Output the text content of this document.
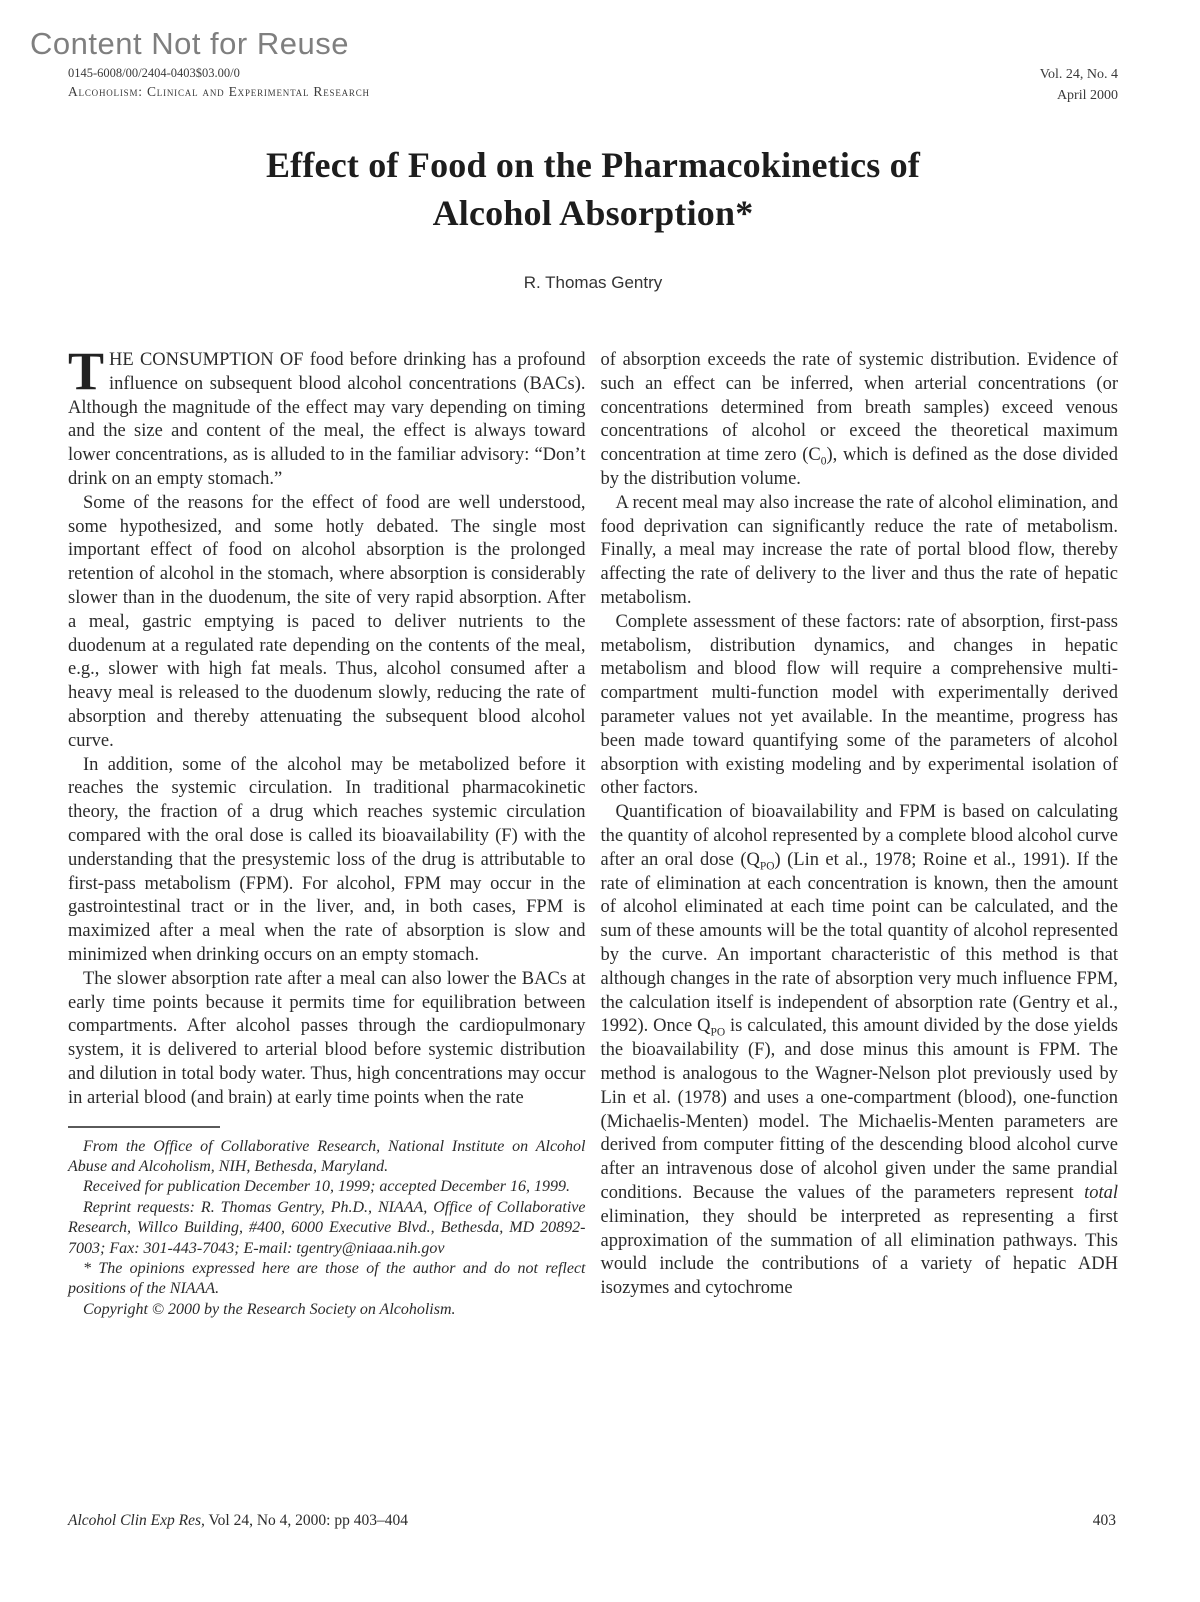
Content Not for Reuse
0145-6008/00/2404-0403$03.00/0
Alcoholism: Clinical and Experimental Research
Vol. 24, No. 4
April 2000
Effect of Food on the Pharmacokinetics of
Alcohol Absorption*
R. Thomas Gentry

THE CONSUMPTION OF food before drinking has a profound influence on subsequent blood alcohol concentrations (BACs). Although the magnitude of the effect may vary depending on timing and the size and content of the meal, the effect is always toward lower concentrations, as is alluded to in the familiar advisory: “Don’t drink on an empty stomach.”

Some of the reasons for the effect of food are well understood, some hypothesized, and some hotly debated. The single most important effect of food on alcohol absorption is the prolonged retention of alcohol in the stomach, where absorption is considerably slower than in the duodenum, the site of very rapid absorption. After a meal, gastric emptying is paced to deliver nutrients to the duodenum at a regulated rate depending on the contents of the meal, e.g., slower with high fat meals. Thus, alcohol consumed after a heavy meal is released to the duodenum slowly, reducing the rate of absorption and thereby attenuating the subsequent blood alcohol curve.

In addition, some of the alcohol may be metabolized before it reaches the systemic circulation. In traditional pharmacokinetic theory, the fraction of a drug which reaches systemic circulation compared with the oral dose is called its bioavailability (F) with the understanding that the presystemic loss of the drug is attributable to first-pass metabolism (FPM). For alcohol, FPM may occur in the gastrointestinal tract or in the liver, and, in both cases, FPM is maximized after a meal when the rate of absorption is slow and minimized when drinking occurs on an empty stomach.

The slower absorption rate after a meal can also lower the BACs at early time points because it permits time for equilibration between compartments. After alcohol passes through the cardiopulmonary system, it is delivered to arterial blood before systemic distribution and dilution in total body water. Thus, high concentrations may occur in arterial blood (and brain) at early time points when the rate

From the Office of Collaborative Research, National Institute on Alcohol Abuse and Alcoholism, NIH, Bethesda, Maryland.

Received for publication December 10, 1999; accepted December 16, 1999.

Reprint requests: R. Thomas Gentry, Ph.D., NIAAA, Office of Collaborative Research, Willco Building, #400, 6000 Executive Blvd., Bethesda, MD 20892-7003; Fax: 301-443-7043; E-mail: tgentry@niaaa.nih.gov

* The opinions expressed here are those of the author and do not reflect positions of the NIAAA.

Copyright © 2000 by the Research Society on Alcoholism.

of absorption exceeds the rate of systemic distribution. Evidence of such an effect can be inferred, when arterial concentrations (or concentrations determined from breath samples) exceed venous concentrations of alcohol or exceed the theoretical maximum concentration at time zero $(C_0)$, which is defined as the dose divided by the distribution volume.

A recent meal may also increase the rate of alcohol elimination, and food deprivation can significantly reduce the rate of metabolism. Finally, a meal may increase the rate of portal blood flow, thereby affecting the rate of delivery to the liver and thus the rate of hepatic metabolism.

Complete assessment of these factors: rate of absorption, first-pass metabolism, distribution dynamics, and changes in hepatic metabolism and blood flow will require a comprehensive multi-compartment multi-function model with experimentally derived parameter values not yet available. In the meantime, progress has been made toward quantifying some of the parameters of alcohol absorption with existing modeling and by experimental isolation of other factors.

Quantification of bioavailability and FPM is based on calculating the quantity of alcohol represented by a complete blood alcohol curve after an oral dose $(Q_{PO})$ (Lin et al., 1978; Roine et al., 1991). If the rate of elimination at each concentration is known, then the amount of alcohol eliminated at each time point can be calculated, and the sum of these amounts will be the total quantity of alcohol represented by the curve. An important characteristic of this method is that although changes in the rate of absorption very much influence FPM, the calculation itself is independent of absorption rate (Gentry et al., 1992). Once $Q_{PO}$ is calculated, this amount divided by the dose yields the bioavailability (F), and dose minus this amount is FPM. The method is analogous to the Wagner-Nelson plot previously used by Lin et al. (1978) and uses a one-compartment (blood), one-function (Michaelis-Menten) model. The Michaelis-Menten parameters are derived from computer fitting of the descending blood alcohol curve after an intravenous dose of alcohol given under the same prandial conditions. Because the values of the parameters represent total elimination, they should be interpreted as representing a first approximation of the summation of all elimination pathways. This would include the contributions of a variety of hepatic ADH isozymes and cytochrome

Alcohol Clin Exp Res, Vol 24, No 4, 2000: pp 403–404	403
